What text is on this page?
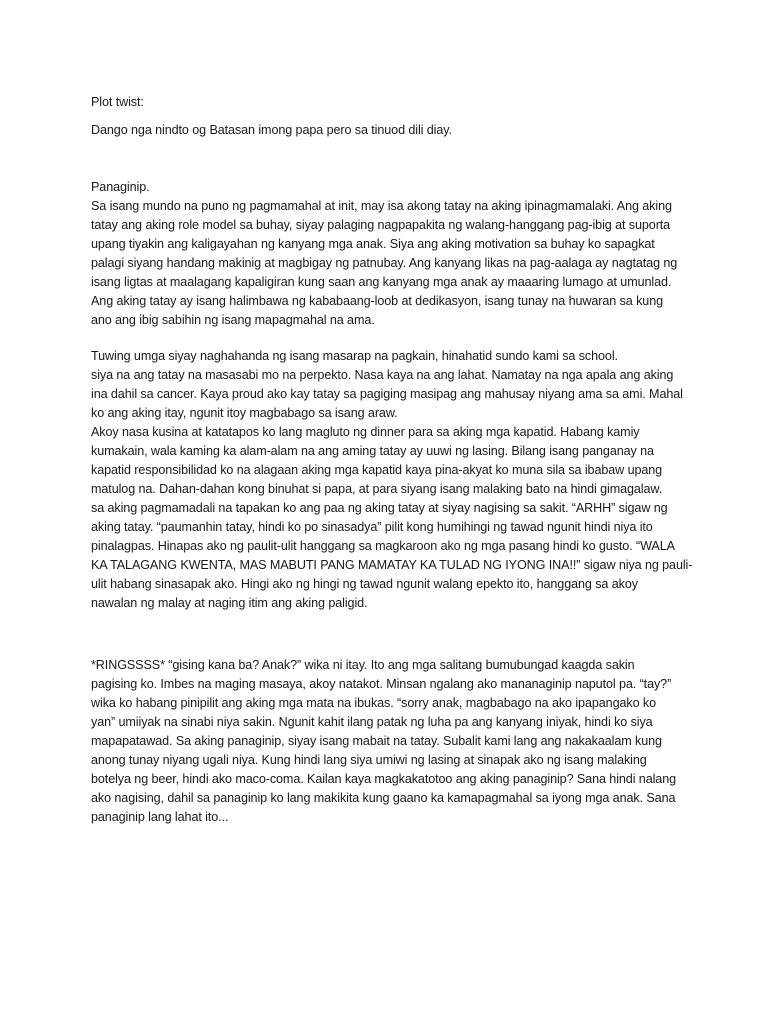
Plot twist:
Dango nga nindto og Batasan imong papa pero sa tinuod dili diay.
Panaginip.
Sa isang mundo na puno ng pagmamahal at init, may isa akong tatay na aking ipinagmamalaki. Ang aking
tatay ang aking role model sa buhay, siyay palaging nagpapakita ng walang-hanggang pag-ibig at suporta
upang tiyakin ang kaligayahan ng kanyang mga anak. Siya ang aking motivation sa buhay ko sapagkat
palagi siyang handang makinig at magbigay ng patnubay. Ang kanyang likas na pag-aalaga ay nagtatag ng
isang ligtas at maalagang kapaligiran kung saan ang kanyang mga anak ay maaaring lumago at umunlad.
Ang aking tatay ay isang halimbawa ng kababaang-loob at dedikasyon, isang tunay na huwaran sa kung
ano ang ibig sabihin ng isang mapagmahal na ama.
Tuwing umga siyay naghahanda ng isang masarap na pagkain, hinahatid sundo kami sa school.
siya na ang tatay na masasabi mo na perpekto. Nasa kaya na ang lahat. Namatay na nga apala ang aking
ina dahil sa cancer. Kaya proud ako kay tatay sa pagiging masipag ang mahusay niyang ama sa ami. Mahal
ko ang aking itay, ngunit itoy magbabago sa isang araw.
Akoy nasa kusina at katatapos ko lang magluto ng dinner para sa aking mga kapatid. Habang kamiy
kumakain, wala kaming ka alam-alam na ang aming tatay ay uuwi ng lasing. Bilang isang panganay na
kapatid responsibilidad ko na alagaan aking mga kapatid kaya pina-akyat ko muna sila sa ibabaw upang
matulog na. Dahan-dahan kong binuhat si papa, at para siyang isang malaking bato na hindi gimagalaw.
sa aking pagmamadali na tapakan ko ang paa ng aking tatay at siyay nagising sa sakit. “ARHH” sigaw ng
aking tatay. “paumanhin tatay, hindi ko po sinasadya” pilit kong humihingi ng tawad ngunit hindi niya ito
pinalagpas. Hinapas ako ng paulit-ulit hanggang sa magkaroon ako ng mga pasang hindi ko gusto. “WALA
KA TALAGANG KWENTA, MAS MABUTI PANG MAMATAY KA TULAD NG IYONG INA!!” sigaw niya ng pauli-
ulit habang sinasapak ako. Hingi ako ng hingi ng tawad ngunit walang epekto ito, hanggang sa akoy
nawalan ng malay at naging itim ang aking paligid.
*RINGSSSS* “gising kana ba? Anak?” wika ni itay. Ito ang mga salitang bumubungad kaagda sakin
pagising ko. Imbes na maging masaya, akoy natakot. Minsan ngalang ako mananaginip naputol pa. “tay?”
wika ko habang pinipilit ang aking mga mata na ibukas. “sorry anak, magbabago na ako ipapangako ko
yan” umiiyak na sinabi niya sakin. Ngunit kahit ilang patak ng luha pa ang kanyang iniyak, hindi ko siya
mapapatawad. Sa aking panaginip, siyay isang mabait na tatay. Subalit kami lang ang nakakaalam kung
anong tunay niyang ugali niya. Kung hindi lang siya umiwi ng lasing at sinapak ako ng isang malaking
botelya ng beer, hindi ako maco-coma. Kailan kaya magkakatotoo ang aking panaginip? Sana hindi nalang
ako nagising, dahil sa panaginip ko lang makikita kung gaano ka kamapagmahal sa iyong mga anak. Sana
panaginip lang lahat ito...
